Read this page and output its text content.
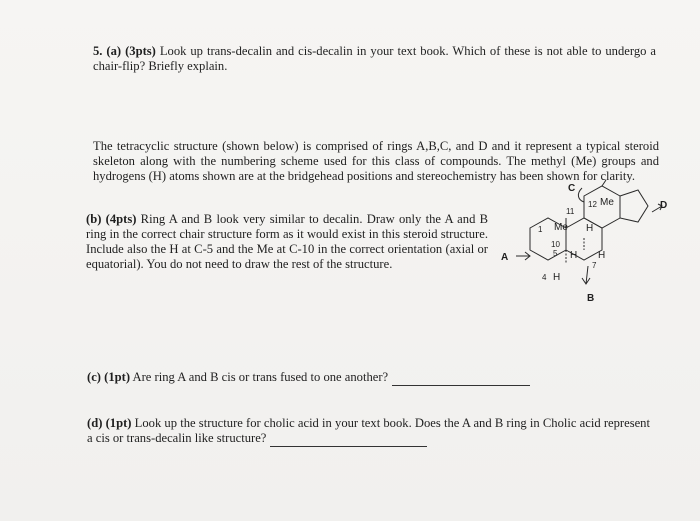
5. (a) (3pts) Look up trans-decalin and cis-decalin in your text book. Which of these is not able to undergo a chair-flip? Briefly explain.
The tetracyclic structure (shown below) is comprised of rings A,B,C, and D and it represent a typical steroid skeleton along with the numbering scheme used for this class of compounds. The methyl (Me) groups and hydrogens (H) atoms shown are at the bridgehead positions and stereochemistry has been shown for clarity.
(b) (4pts) Ring A and B look very similar to decalin. Draw only the A and B ring in the correct chair structure form as it would exist in this steroid structure. Include also the H at C-5 and the Me at C-10 in the correct orientation (axial or equatorial). You do not need to draw the rest of the structure.
(c) (1pt) Are ring A and B cis or trans fused to one another?
(d) (1pt) Look up the structure for cholic acid in your text book. Does the A and B ring in Cholic acid represent a cis or trans-decalin like structure?
C
A
B
D
Me
12
11
1 Me H
10
5 H H
7
4 H
